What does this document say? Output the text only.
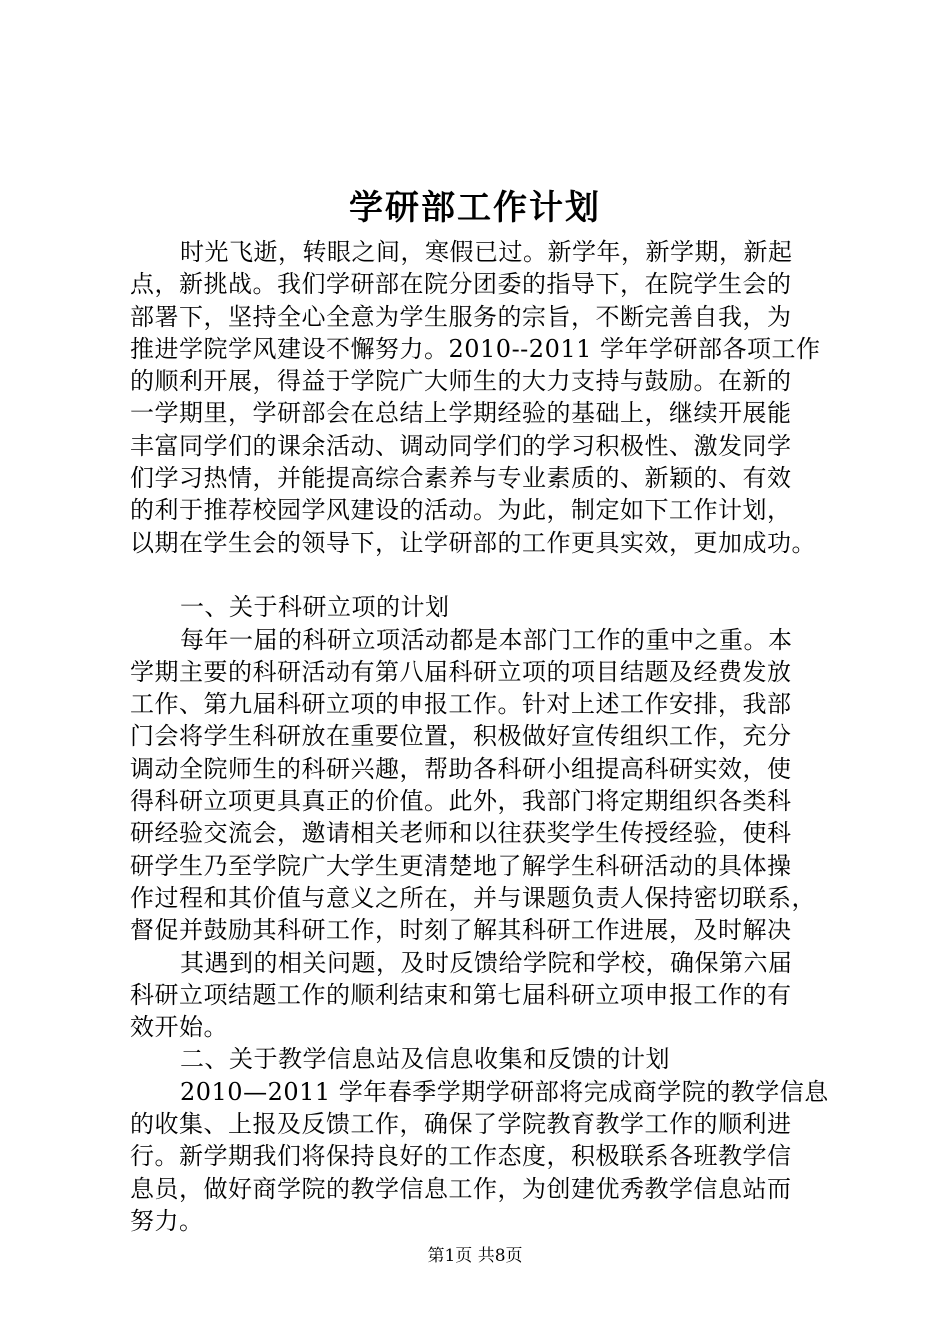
学研部工作计划
时光飞逝，转眼之间，寒假已过。新学年，新学期，新起
点，新挑战。我们学研部在院分团委的指导下，在院学生会的
部署下，坚持全心全意为学生服务的宗旨，不断完善自我，为
推进学院学风建设不懈努力。2010--2011 学年学研部各项工作
的顺利开展，得益于学院广大师生的大力支持与鼓励。在新的
一学期里，学研部会在总结上学期经验的基础上，继续开展能
丰富同学们的课余活动、调动同学们的学习积极性、激发同学
们学习热情，并能提高综合素养与专业素质的、新颖的、有效
的利于推荐校园学风建设的活动。为此，制定如下工作计划，
以期在学生会的领导下，让学研部的工作更具实效，更加成功。
一、关于科研立项的计划
每年一届的科研立项活动都是本部门工作的重中之重。本
学期主要的科研活动有第八届科研立项的项目结题及经费发放
工作、第九届科研立项的申报工作。针对上述工作安排，我部
门会将学生科研放在重要位置，积极做好宣传组织工作，充分
调动全院师生的科研兴趣，帮助各科研小组提高科研实效，使
得科研立项更具真正的价值。此外，我部门将定期组织各类科
研经验交流会，邀请相关老师和以往获奖学生传授经验，使科
研学生乃至学院广大学生更清楚地了解学生科研活动的具体操
作过程和其价值与意义之所在，并与课题负责人保持密切联系，
督促并鼓励其科研工作，时刻了解其科研工作进展，及时解决
其遇到的相关问题，及时反馈给学院和学校，确保第六届
科研立项结题工作的顺利结束和第七届科研立项申报工作的有
效开始。
二、关于教学信息站及信息收集和反馈的计划
2010—2011 学年春季学期学研部将完成商学院的教学信息
的收集、上报及反馈工作，确保了学院教育教学工作的顺利进
行。新学期我们将保持良好的工作态度，积极联系各班教学信
息员，做好商学院的教学信息工作，为创建优秀教学信息站而
努力。
第1页 共8页
